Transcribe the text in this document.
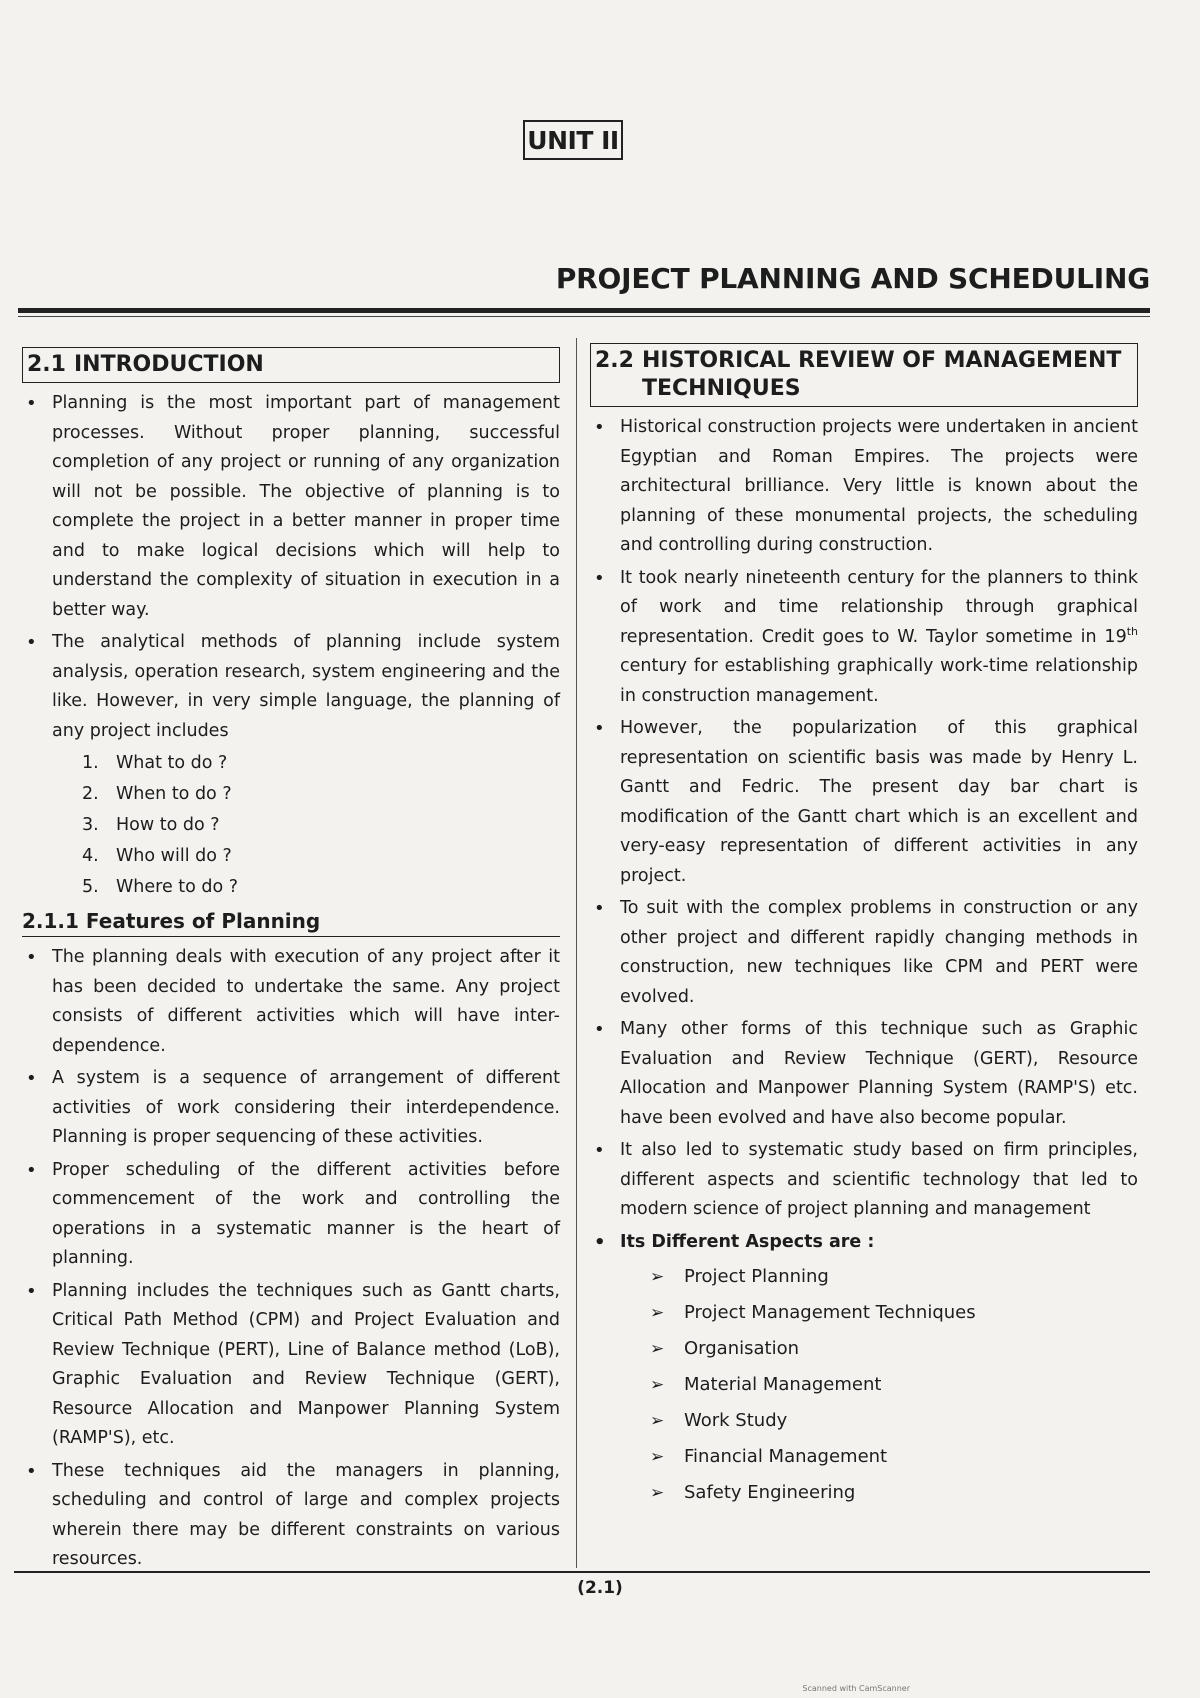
UNIT II
PROJECT PLANNING AND SCHEDULING
2.1 INTRODUCTION
• Planning is the most important part of management processes. Without proper planning, successful completion of any project or running of any organization will not be possible. The objective of planning is to complete the project in a better manner in proper time and to make logical decisions which will help to understand the complexity of situation in execution in a better way.
• The analytical methods of planning include system analysis, operation research, system engineering and the like. However, in very simple language, the planning of any project includes
1. What to do ?
2. When to do ?
3. How to do ?
4. Who will do ?
5. Where to do ?
2.1.1 Features of Planning
• The planning deals with execution of any project after it has been decided to undertake the same. Any project consists of different activities which will have inter-dependence.
• A system is a sequence of arrangement of different activities of work considering their interdependence. Planning is proper sequencing of these activities.
• Proper scheduling of the different activities before commencement of the work and controlling the operations in a systematic manner is the heart of planning.
• Planning includes the techniques such as Gantt charts, Critical Path Method (CPM) and Project Evaluation and Review Technique (PERT), Line of Balance method (LoB), Graphic Evaluation and Review Technique (GERT), Resource Allocation and Manpower Planning System (RAMP'S), etc.
• These techniques aid the managers in planning, scheduling and control of large and complex projects wherein there may be different constraints on various resources.
2.2 HISTORICAL REVIEW OF MANAGEMENT TECHNIQUES
• Historical construction projects were undertaken in ancient Egyptian and Roman Empires. The projects were architectural brilliance. Very little is known about the planning of these monumental projects, the scheduling and controlling during construction.
• It took nearly nineteenth century for the planners to think of work and time relationship through graphical representation. Credit goes to W. Taylor sometime in 19th century for establishing graphically work-time relationship in construction management.
• However, the popularization of this graphical representation on scientific basis was made by Henry L. Gantt and Fedric. The present day bar chart is modification of the Gantt chart which is an excellent and very-easy representation of different activities in any project.
• To suit with the complex problems in construction or any other project and different rapidly changing methods in construction, new techniques like CPM and PERT were evolved.
• Many other forms of this technique such as Graphic Evaluation and Review Technique (GERT), Resource Allocation and Manpower Planning System (RAMP'S) etc. have been evolved and have also become popular.
• It also led to systematic study based on firm principles, different aspects and scientific technology that led to modern science of project planning and management
• Its Different Aspects are :
➢ Project Planning
➢ Project Management Techniques
➢ Organisation
➢ Material Management
➢ Work Study
➢ Financial Management
➢ Safety Engineering
(2.1)
Scanned with CamScanner
